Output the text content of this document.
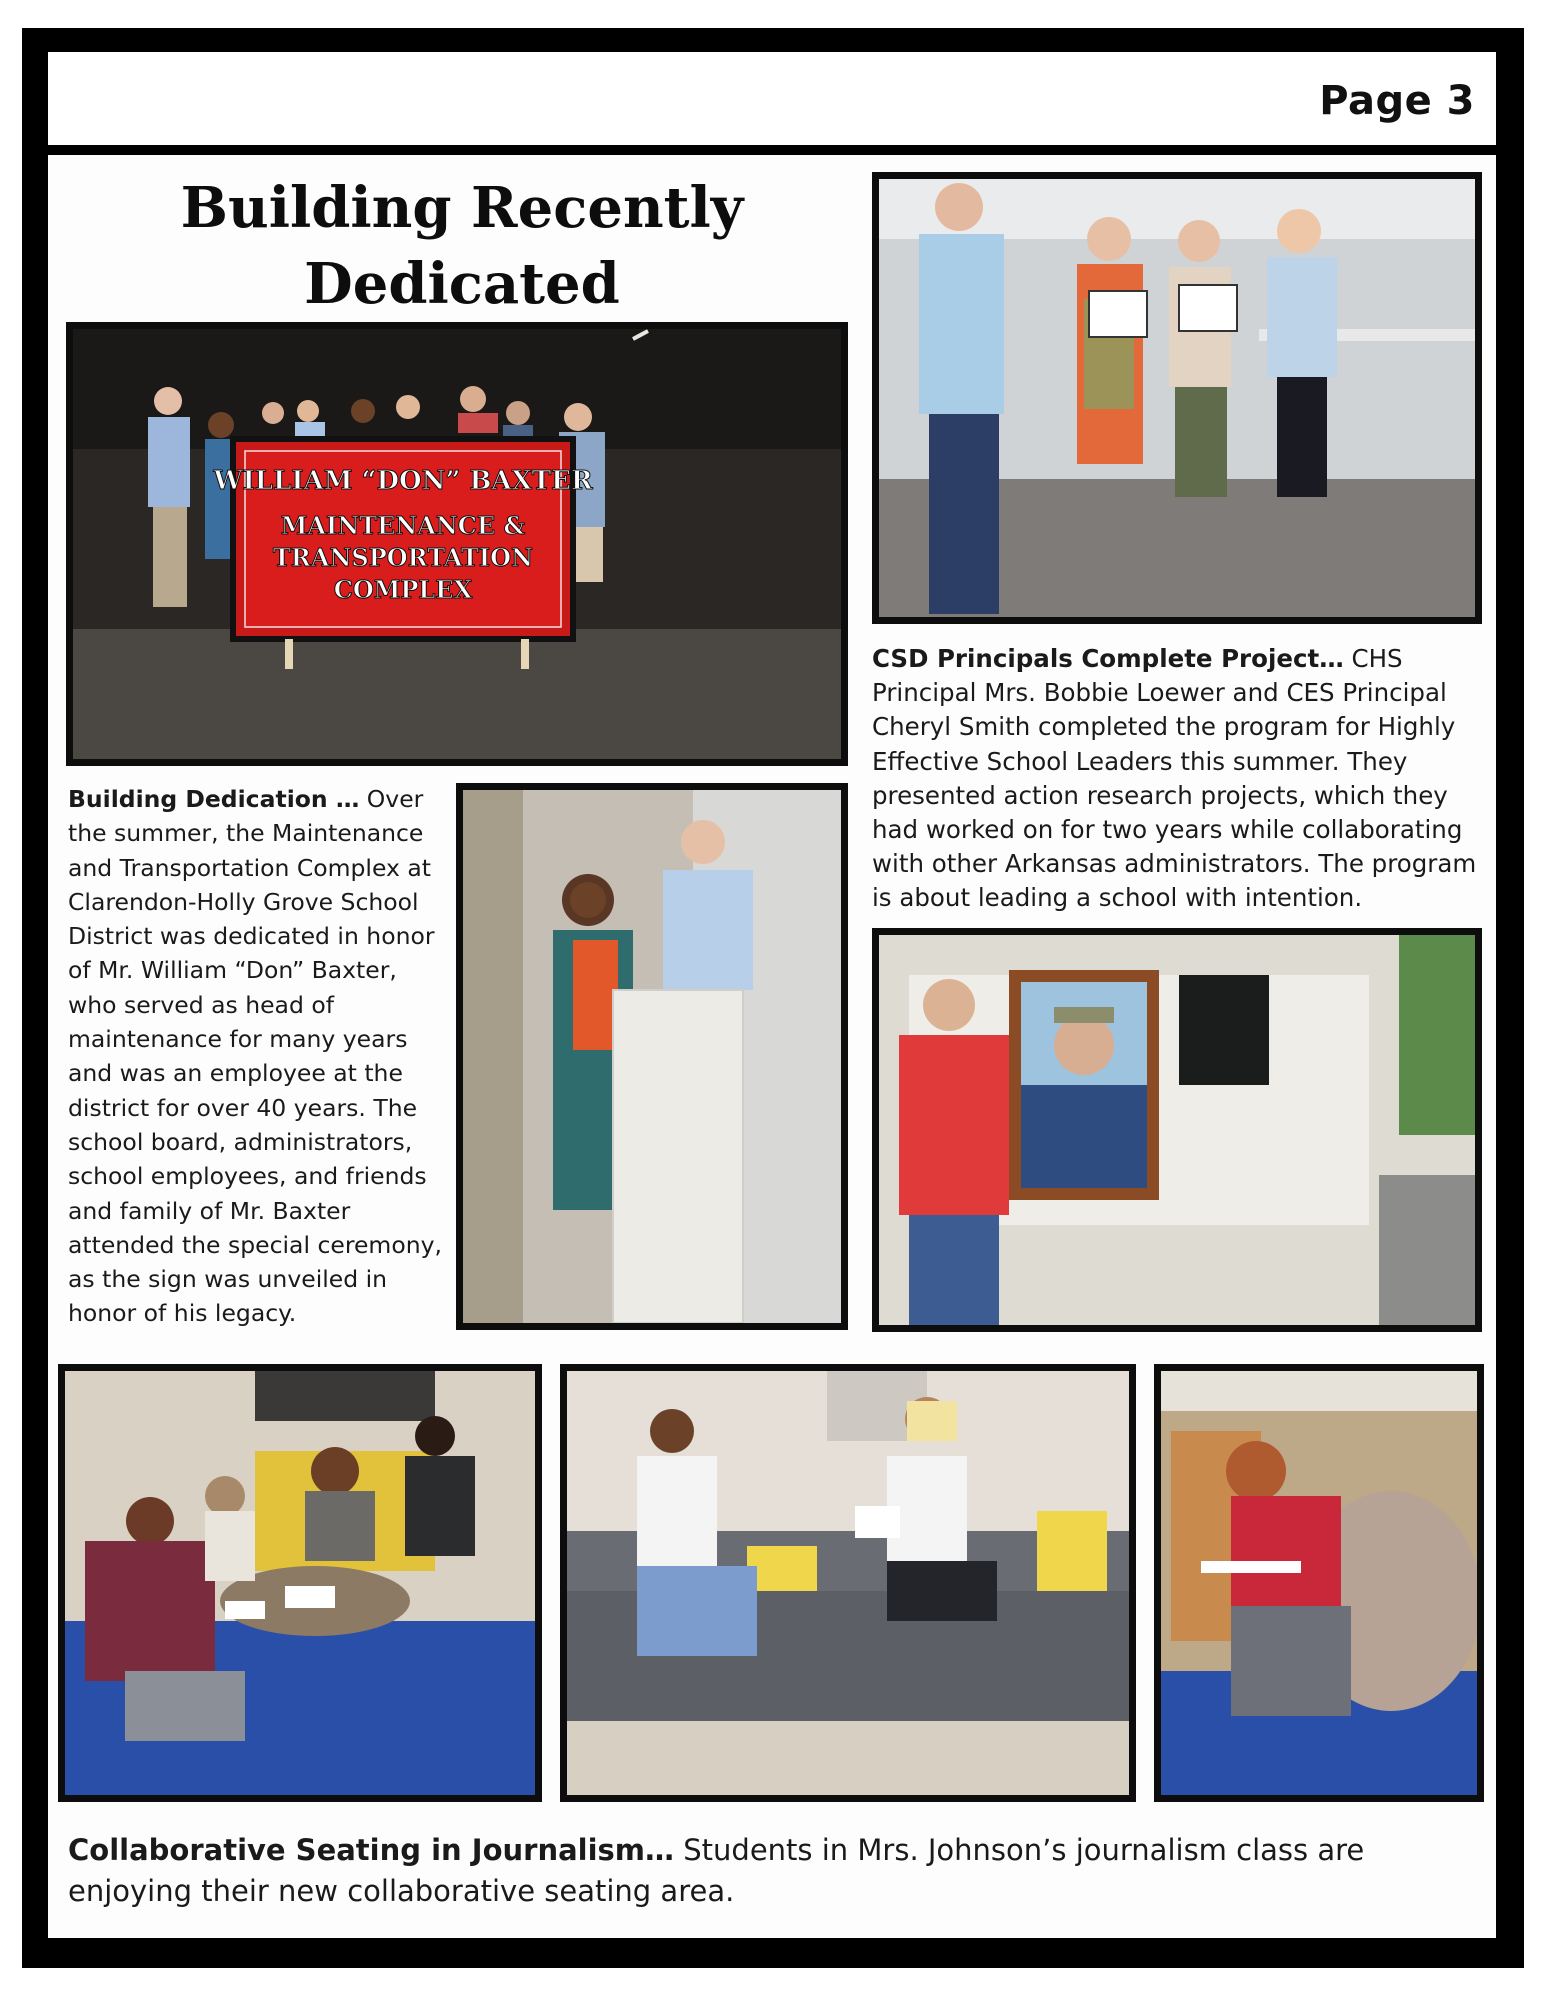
Page 3
Building Recently Dedicated
WILLIAM “DON” BAXTER
MAINTENANCE &
TRANSPORTATION
COMPLEX
CSD Principals Complete Project… CHS Principal Mrs. Bobbie Loewer and CES Principal Cheryl Smith completed the program for Highly Effective School Leaders this summer. They presented action research projects, which they had worked on for two years while collaborating with other Arkansas administrators. The program is about leading a school with intention.
Building Dedication … Over the summer, the Maintenance and Transportation Complex at Clarendon-Holly Grove School District was dedicated in honor of Mr. William “Don” Baxter, who served as head of maintenance for many years and was an employee at the district for over 40 years. The school board, administrators, school employees, and friends and family of Mr. Baxter attended the special ceremony, as the sign was unveiled in honor of his legacy.
Collaborative Seating in Journalism… Students in Mrs. Johnson’s journalism class are enjoying their new collaborative seating area.
